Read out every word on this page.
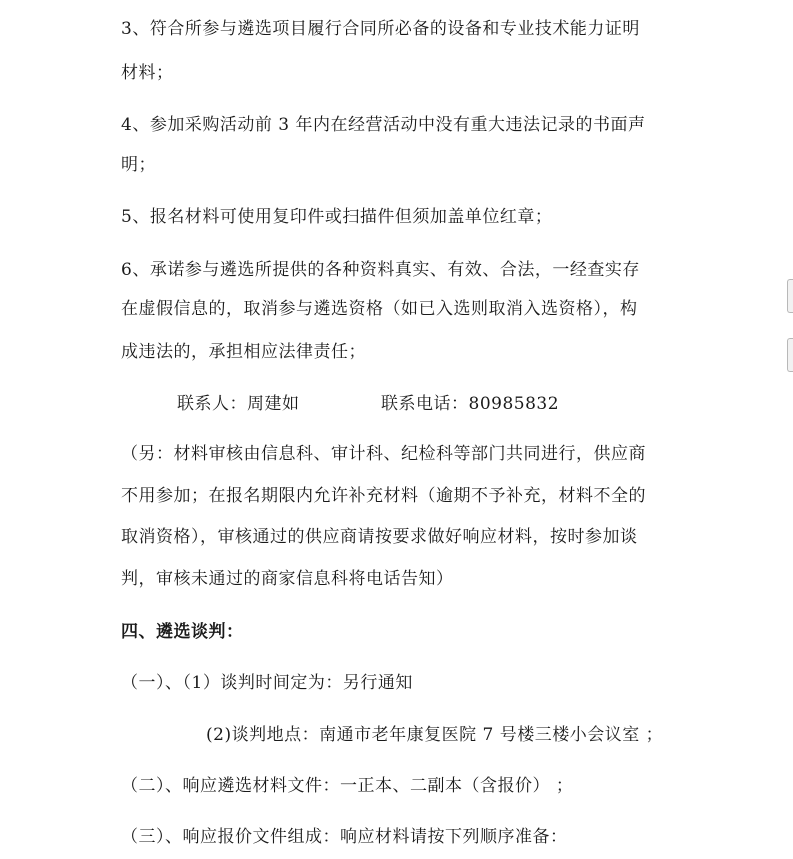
3、符合所参与遴选项目履行合同所必备的设备和专业技术能力证明
材料；
4、参加采购活动前 3 年内在经营活动中没有重大违法记录的书面声
明；
5、报名材料可使用复印件或扫描件但须加盖单位红章；
6、承诺参与遴选所提供的各种资料真实、有效、合法，一经查实存
在虚假信息的，取消参与遴选资格（如已入选则取消入选资格），构
成违法的，承担相应法律责任；
联系人：周建如	联系电话：80985832
（另：材料审核由信息科、审计科、纪检科等部门共同进行，供应商
不用参加；在报名期限内允许补充材料（逾期不予补充，材料不全的
取消资格），审核通过的供应商请按要求做好响应材料，按时参加谈
判，审核未通过的商家信息科将电话告知）
四、遴选谈判：
（一）、（1）谈判时间定为：另行通知
(2)谈判地点：南通市老年康复医院 7 号楼三楼小会议室 ；
（二）、响应遴选材料文件：一正本、二副本（含报价） ；
（三）、响应报价文件组成：响应材料请按下列顺序准备：
